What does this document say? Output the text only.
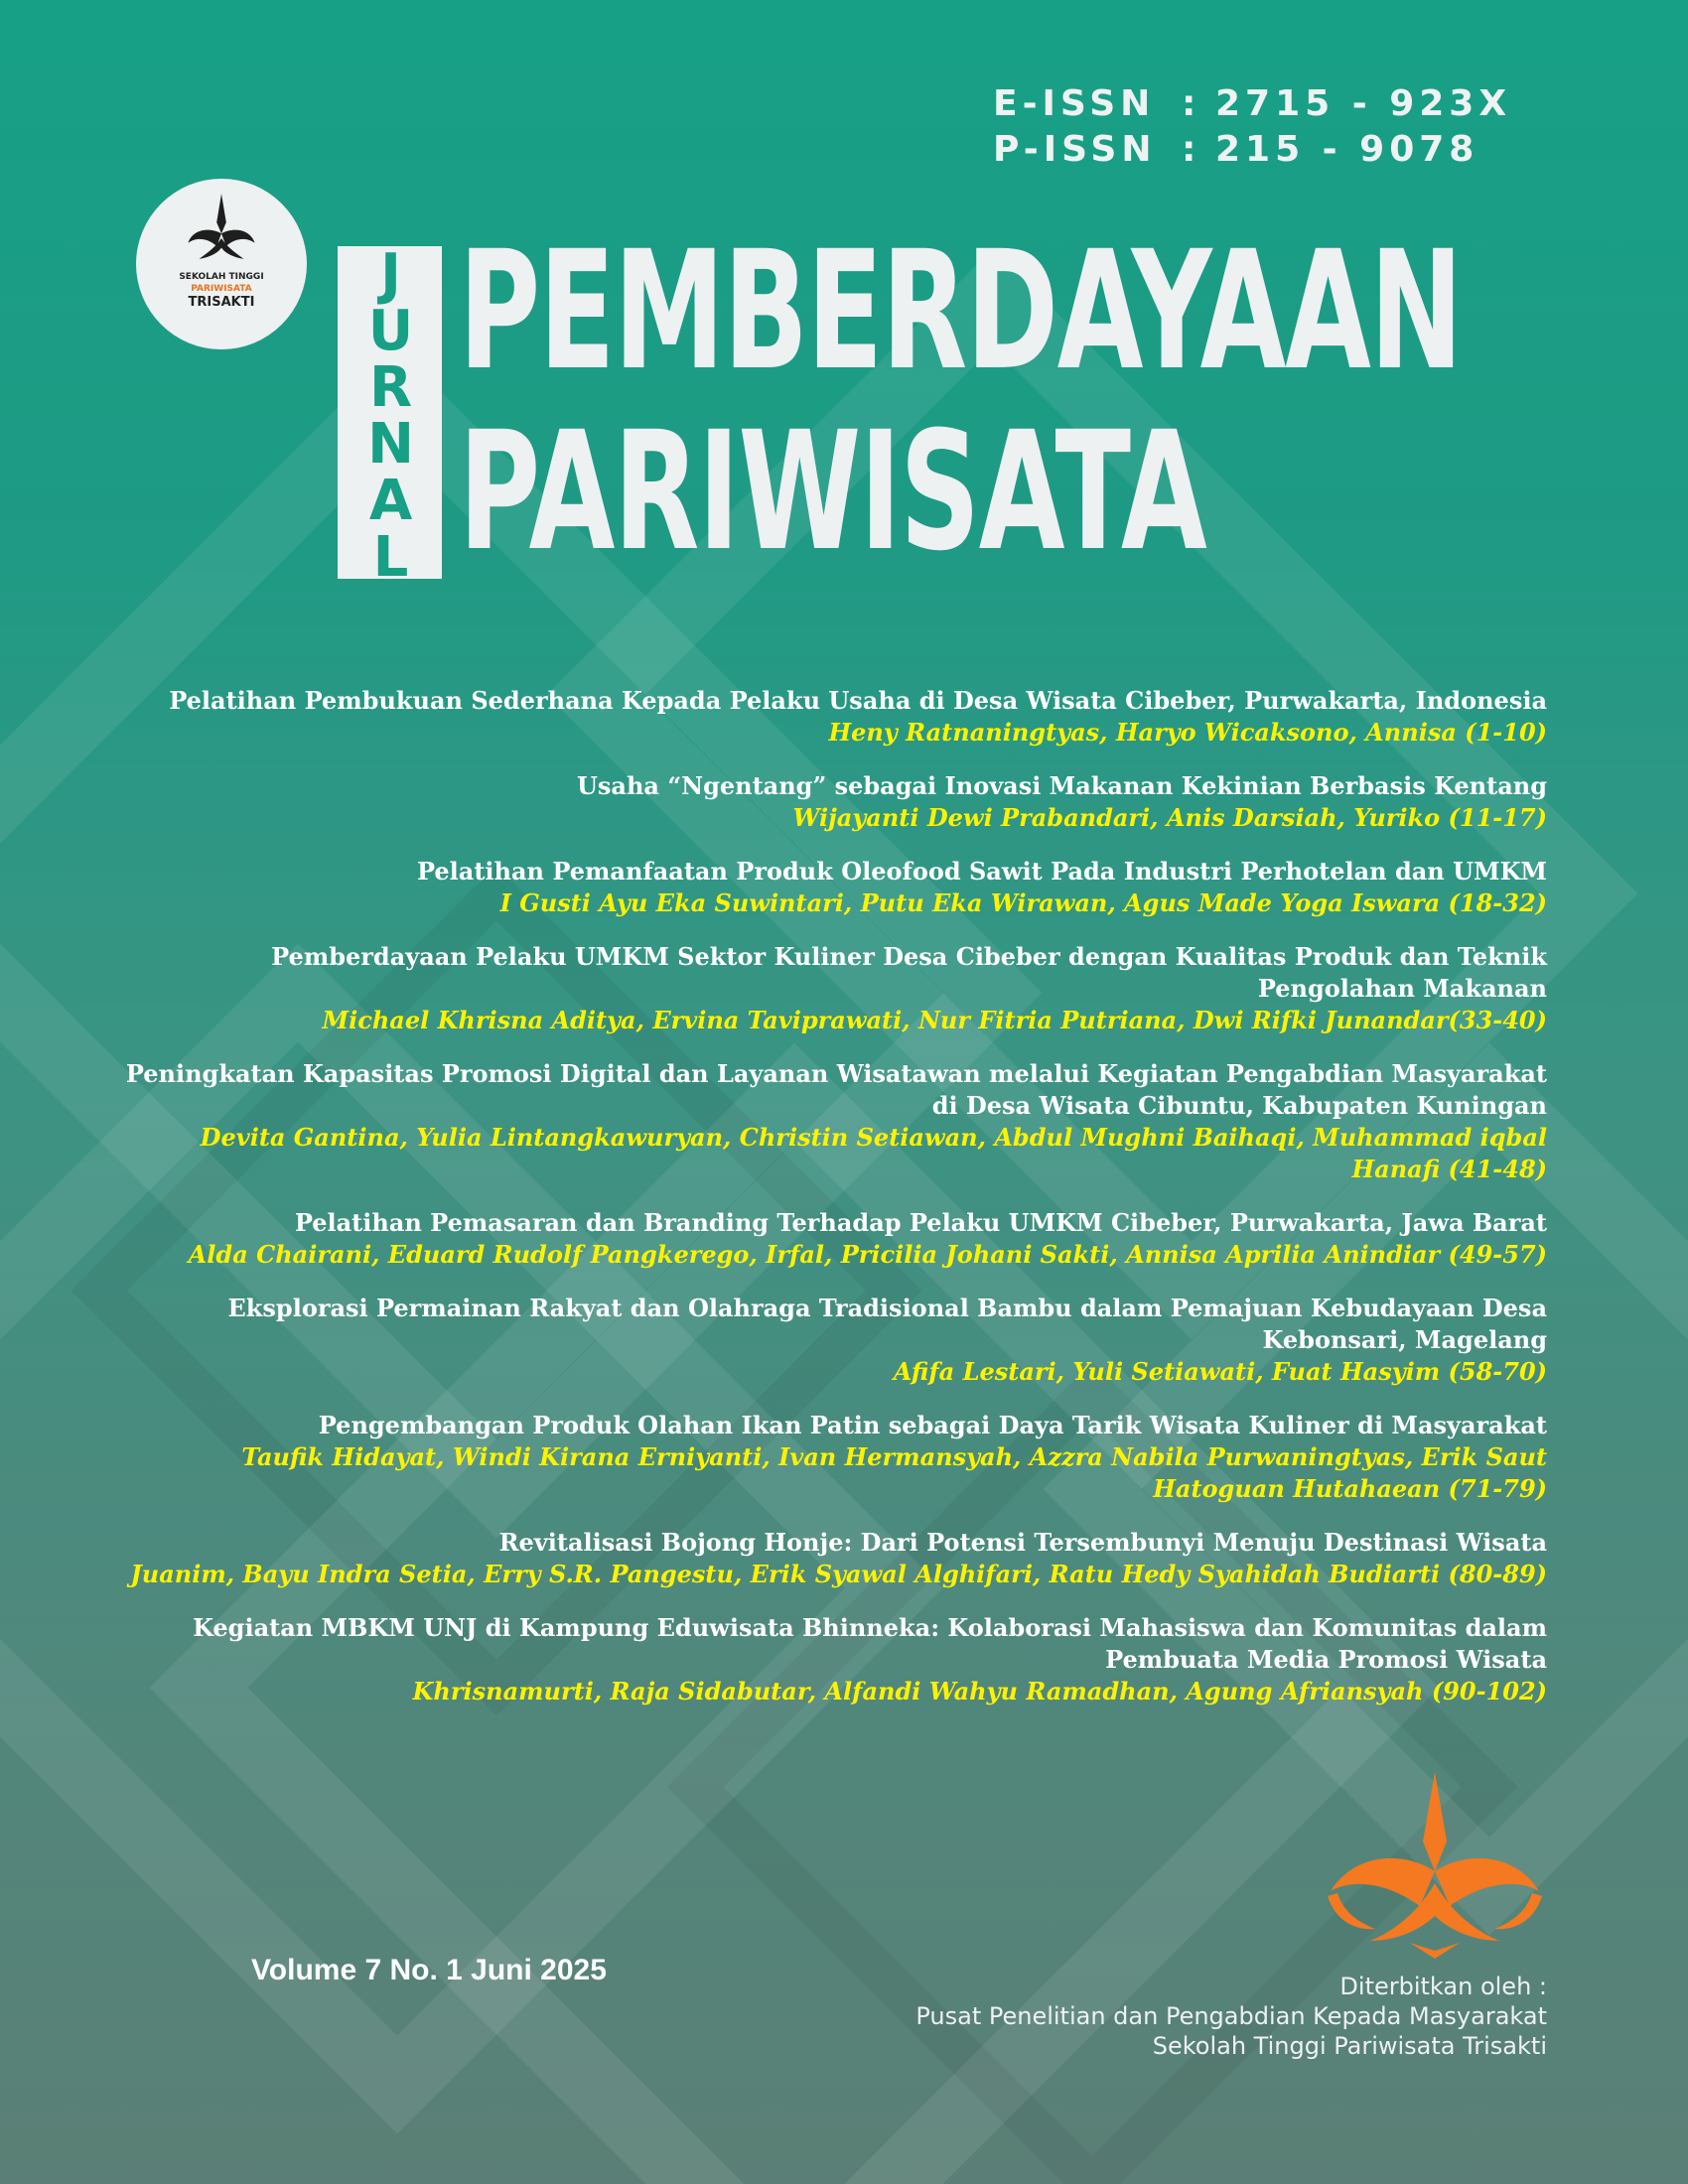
E-ISSN : 2715 - 923X
P-ISSN : 215 - 9078
SEKOLAH TINGGI
PARIWISATA
TRISAKTI	J
U
R
N
A
L
PEMBERDAYAAN
PARIWISATA
Pelatihan Pembukuan Sederhana Kepada Pelaku Usaha di Desa Wisata Cibeber, Purwakarta, Indonesia
Heny Ratnaningtyas, Haryo Wicaksono, Annisa (1-10)
Usaha “Ngentang” sebagai Inovasi Makanan Kekinian Berbasis Kentang
Wijayanti Dewi Prabandari, Anis Darsiah, Yuriko (11-17)
Pelatihan Pemanfaatan Produk Oleofood Sawit Pada Industri Perhotelan dan UMKM
I Gusti Ayu Eka Suwintari, Putu Eka Wirawan, Agus Made Yoga Iswara (18-32)
Pemberdayaan Pelaku UMKM Sektor Kuliner Desa Cibeber dengan Kualitas Produk dan Teknik Pengolahan Makanan
Michael Khrisna Aditya, Ervina Taviprawati, Nur Fitria Putriana, Dwi Rifki Junandar(33-40)
Peningkatan Kapasitas Promosi Digital dan Layanan Wisatawan melalui Kegiatan Pengabdian Masyarakat di Desa Wisata Cibuntu, Kabupaten Kuningan
Devita Gantina, Yulia Lintangkawuryan, Christin Setiawan, Abdul Mughni Baihaqi, Muhammad iqbal Hanafi (41-48)
Pelatihan Pemasaran dan Branding Terhadap Pelaku UMKM Cibeber, Purwakarta, Jawa Barat
Alda Chairani, Eduard Rudolf Pangkerego, Irfal, Pricilia Johani Sakti, Annisa Aprilia Anindiar (49-57)
Eksplorasi Permainan Rakyat dan Olahraga Tradisional Bambu dalam Pemajuan Kebudayaan Desa Kebonsari, Magelang
Afifa Lestari, Yuli Setiawati, Fuat Hasyim (58-70)
Pengembangan Produk Olahan Ikan Patin sebagai Daya Tarik Wisata Kuliner di Masyarakat
Taufik Hidayat, Windi Kirana Erniyanti, Ivan Hermansyah, Azzra Nabila Purwaningtyas, Erik Saut Hatoguan Hutahaean (71-79)
Revitalisasi Bojong Honje: Dari Potensi Tersembunyi Menuju Destinasi Wisata
Juanim, Bayu Indra Setia, Erry S.R. Pangestu, Erik Syawal Alghifari, Ratu Hedy Syahidah Budiarti (80-89)
Kegiatan MBKM UNJ di Kampung Eduwisata Bhinneka: Kolaborasi Mahasiswa dan Komunitas dalam Pembuata Media Promosi Wisata
Khrisnamurti, Raja Sidabutar, Alfandi Wahyu Ramadhan, Agung Afriansyah (90-102)
Volume 7 No. 1 Juni 2025	Diterbitkan oleh :
Pusat Penelitian dan Pengabdian Kepada Masyarakat
Sekolah Tinggi Pariwisata Trisakti
